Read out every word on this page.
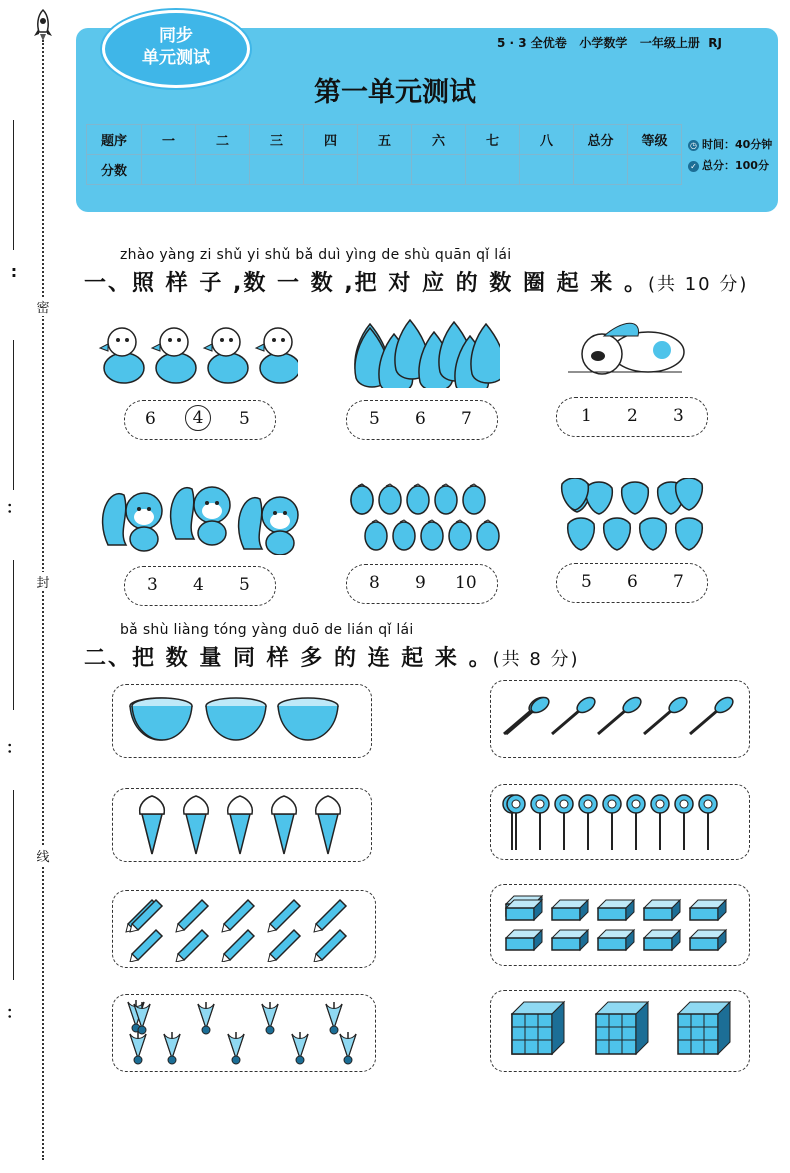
密
封
线
:
：
：
：
同步
单元测试
5 · 3 全优卷 小学数学 一年级上册 RJ
第一单元测试
题序	一	二	三	四	五	六	七	八	总分	等级
分数										
◷ 时间：40分钟
✓ 总分：100分
zhào yàng zi shǔ yi shǔ bǎ duì yìng de shù quān qǐ lái
一、照 样 子 ,数 一 数 ,把 对 应 的 数 圈 起 来 。(共 10 分)
6	4	5	5 6 7	1 2 3
3 4 5	8 9 10	5 6 7
bǎ shù liàng tóng yàng duō de lián qǐ lái
二、把 数 量 同 样 多 的 连 起 来 。(共 8 分)
